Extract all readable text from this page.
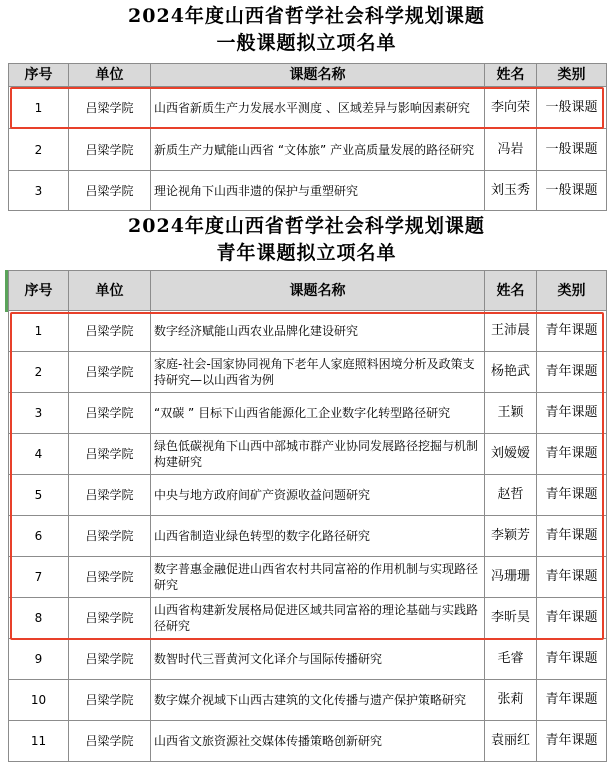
2024年度山西省哲学社会科学规划课题
一般课题拟立项名单
序号	单位	课题名称	姓名	类别
1	吕梁学院	山西省新质生产力发展水平测度 、区域差异与影响因素研究	李向荣	一般课题
2	吕梁学院	新质生产力赋能山西省 “文体旅” 产业高质量发展的路径研究	冯岩	一般课题
3	吕梁学院	理论视角下山西非遗的保护与重塑研究	刘玉秀	一般课题
2024年度山西省哲学社会科学规划课题
青年课题拟立项名单
序号	单位	课题名称	姓名	类别
1	吕梁学院	数字经济赋能山西农业品牌化建设研究	王沛晨	青年课题
2	吕梁学院	家庭-社会-国家协同视角下老年人家庭照料困境分析及政策支持研究—以山西省为例	杨艳武	青年课题
3	吕梁学院	“双碳 ” 目标下山西省能源化工企业数字化转型路径研究	王颖	青年课题
4	吕梁学院	绿色低碳视角下山西中部城市群产业协同发展路径挖掘与机制构建研究	刘嫒嫒	青年课题
5	吕梁学院	中央与地方政府间矿产资源收益问题研究	赵哲	青年课题
6	吕梁学院	山西省制造业绿色转型的数字化路径研究	李颖芳	青年课题
7	吕梁学院	数字普惠金融促进山西省农村共同富裕的作用机制与实现路径研究	冯珊珊	青年课题
8	吕梁学院	山西省构建新发展格局促进区域共同富裕的理论基础与实践路径研究	李昕昊	青年课题
9	吕梁学院	数智时代三晋黄河文化译介与国际传播研究	毛睿	青年课题
10	吕梁学院	数字媒介视域下山西古建筑的文化传播与遗产保护策略研究	张莉	青年课题
11	吕梁学院	山西省文旅资源社交媒体传播策略创新研究	袁丽红	青年课题
